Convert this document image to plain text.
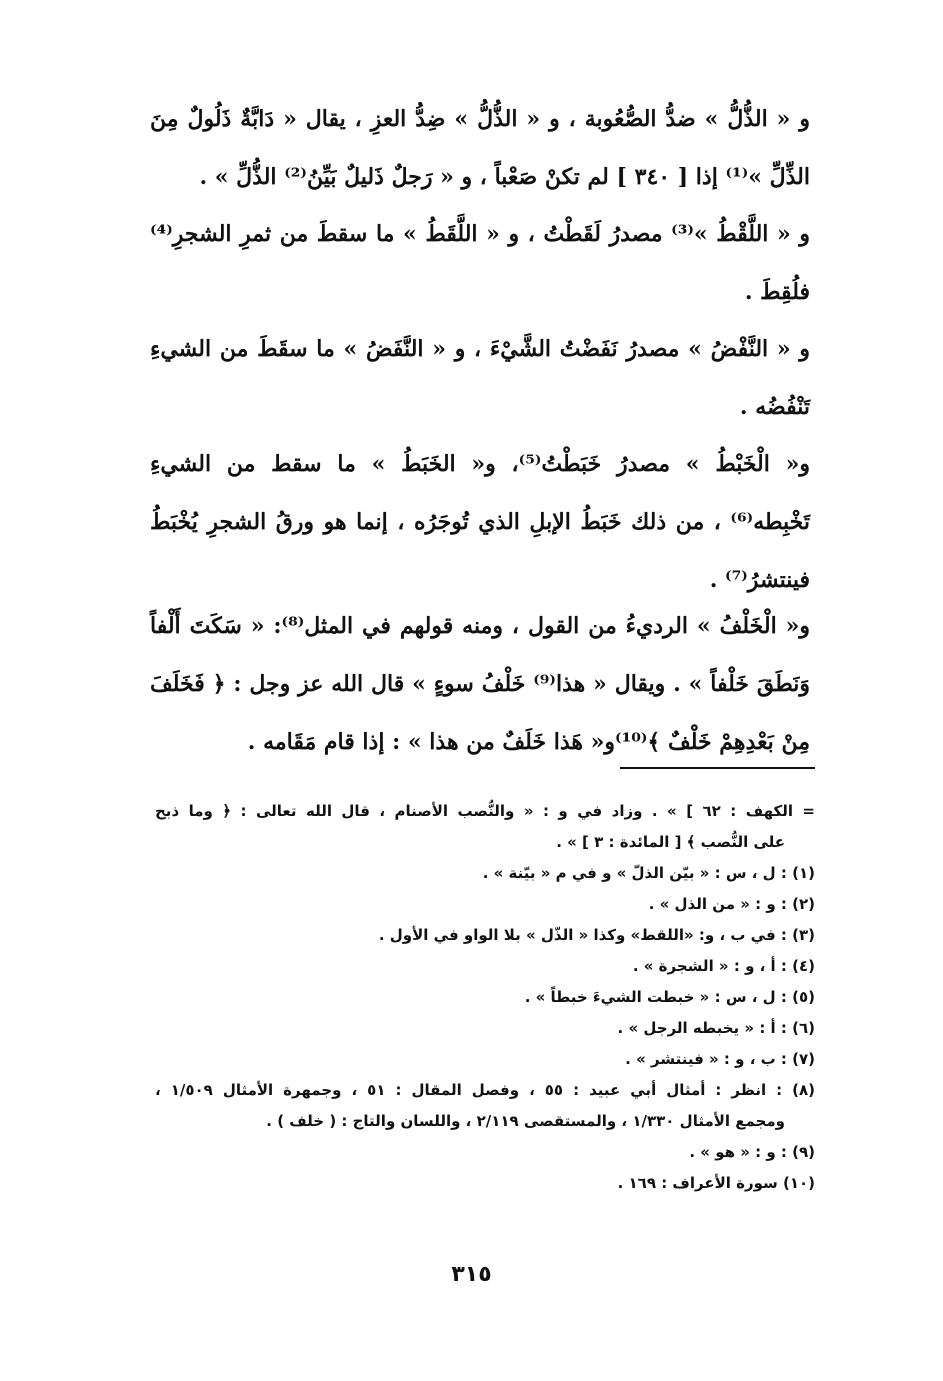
و « الذُّلُّ » ضدُّ الصُّعُوبة ، و « الذُّلُّ » ضِدُّ العزِ ، يقال « دَابَّةٌ ذَلُولٌ مِنَ
الذِّلِّ »⁽¹⁾ إذا [ ٣٤٠ ] لم تكنْ صَعْباً ، و « رَجلٌ ذَليلٌ بَيِّنُ⁽²⁾ الذُّلِّ » .
و « اللَّقْطُ »⁽³⁾ مصدرُ لَقَطْتُ ، و « اللَّقَطُ » ما سقطَ من ثمرِ الشجرِ⁽⁴⁾
فلُقِطَ .
و « النَّفْضُ » مصدرُ نَفَضْتُ الشَّيْءَ ، و « النَّفَضُ » ما سقَطَ من الشيءِ
تَنْفُضُه .
و« الْخَبْطُ » مصدرُ خَبَطْتُ⁽⁵⁾، و« الخَبَطُ » ما سقط من الشيءِ
تَخْبِطه⁽⁶⁾ ، من ذلك خَبَطُ الإبلِ الذي تُوجَرُه ، إنما هو ورقُ الشجرِ يُخْبَطُ
فينتشرُ⁽⁷⁾ .
و« الْخَلْفُ » الرديءُ من القول ، ومنه قولهم في المثل⁽⁸⁾: « سَكَتَ أَلْفاً
وَنَطَقَ خَلْفاً » . ويقال « هذا⁽⁹⁾ خَلْفُ سوءٍ » قال الله عز وجل : ﴿ فَخَلَفَ
مِنْ بَعْدِهِمْ خَلْفٌ ﴾⁽¹⁰⁾و« هَذا خَلَفٌ من هذا » : إذا قام مَقَامه .
= الكهف : ٦٢ ] » . وزاد في و : « والنُّصب الأصنام ، قال الله تعالى : ﴿ وما ذبح
على النُّصب ﴾ [ المائدة : ٣ ] » .
(١) : ل ، س : « بيّن الذلّ » و في م « بيّنة » .
(٢) : و : « من الذل » .
(٣) : في ب ، و: «اللقط» وكذا « الذّل » بلا الواو في الأول .
(٤) : أ ، و : « الشجرة » .
(٥) : ل ، س : « خبطت الشيءَ خبطاً » .
(٦) : أ : « يخبطه الرجل » .
(٧) : ب ، و : « فينتشر » .
(٨) : انظر : أمثال أبي عبيد : ٥٥ ، وفصل المقال : ٥١ ، وجمهرة الأمثال ١/٥٠٩ ،
ومجمع الأمثال ١/٣٣٠ ، والمستقصى ٢/١١٩ ، واللسان والتاج : ( خلف ) .
(٩) : و : « هو » .
(١٠) سورة الأعراف : ١٦٩ .
٣١٥
